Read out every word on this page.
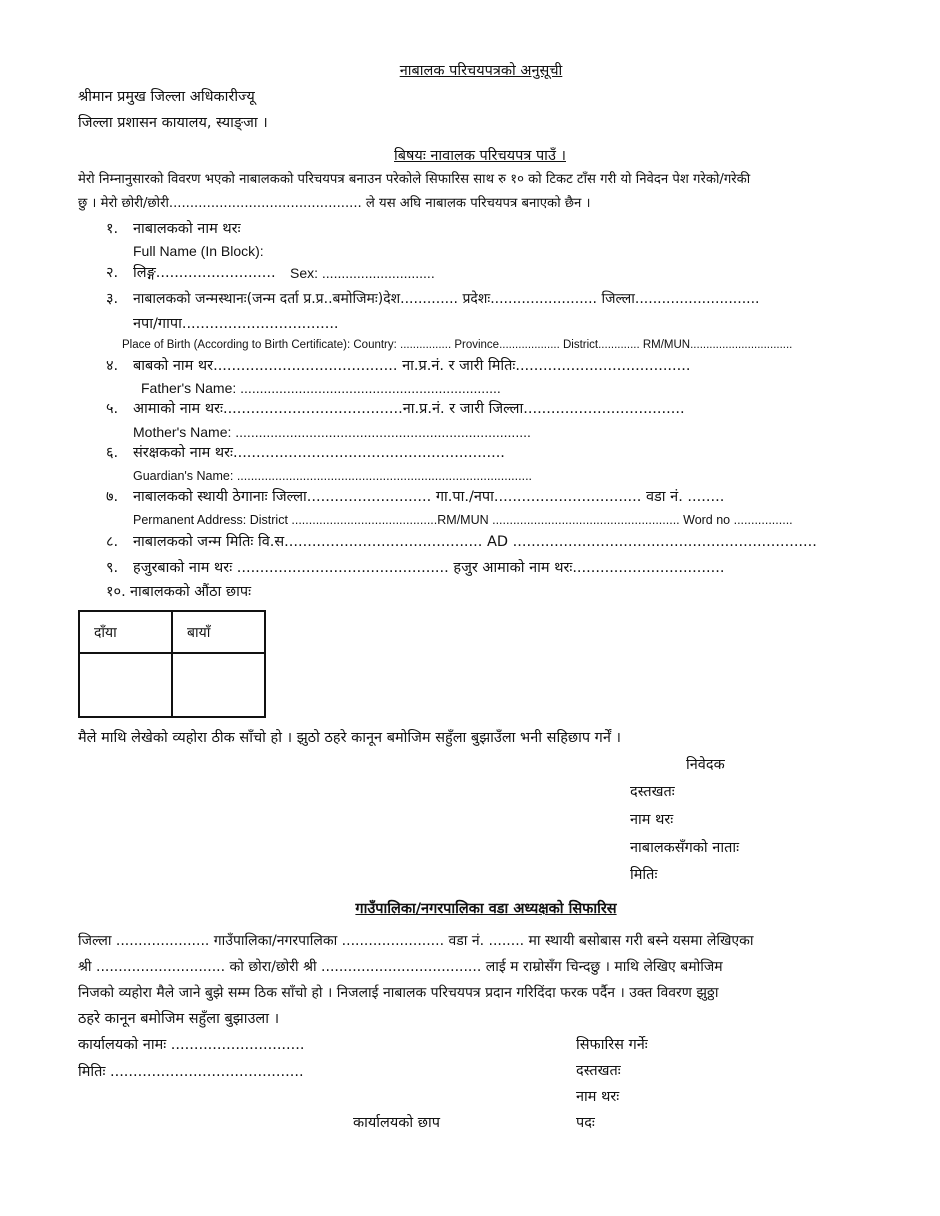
नाबालक परिचयपत्रको अनुसूची
श्रीमान प्रमुख जिल्ला अधिकारीज्यू
जिल्ला प्रशासन कायालय, स्याङ्जा ।
बिषयः नावालक परिचयपत्र पाउँ ।
मेरो निम्नानुसारको विवरण भएको नाबालकको परिचयपत्र बनाउन परेकोले सिफारिस साथ रु १० को टिकट टाँस गरी यो निवेदन पेश गरेको/गरेकी
छु । मेरो छोरी/छोरी.............................................. ले यस अघि नाबालक परिचयपत्र बनाएको छैन ।
१. नाबालकको नाम थरः
Full Name (In Block):
२. लिङ्ग.......................... Sex: .............................
३. नाबालकको जन्मस्थानः(जन्म दर्ता प्र.प्र..बमोजिमः)देश............. प्रदेशः........................ जिल्ला............................
नपा/गापा..................................
Place of Birth (According to Birth Certificate): Country: ................ Province................... District............. RM/MUN................................
४. बाबको नाम थर........................................ ना.प्र.नं. र जारी मितिः......................................
Father's Name: ...................................................................
५. आमाको नाम थरः.......................................ना.प्र.नं. र जारी जिल्ला...................................
Mother's Name: ............................................................................
६. संरक्षकको नाम थरः...........................................................
Guardian's Name: .....................................................................................
७. नाबालकको स्थायी ठेगानाः जिल्ला........................... गा.पा./नपा................................ वडा नं. ........
Permanent Address: District ..........................................RM/MUN ...................................................... Word no .................
८. नाबालकको जन्म मितिः वि.स........................................... AD ..................................................................
९. हजुरबाको नाम थरः .............................................. हजुर आमाको नाम थरः.................................
१०. नाबालकको औंठा छापः
दाँया	बायाँ

मैले माथि लेखेको व्यहोरा ठीक साँचो हो । झुठो ठहरे कानून बमोजिम सहुँला बुझाउँला भनी सहिछाप गर्नें ।
निवेदक
दस्तखतः
नाम थरः
नाबालकसँगको नाताः
मितिः
गाउँपालिका/नगरपालिका वडा अध्यक्षको सिफारिस
जिल्ला ..................... गाउँपालिका/नगरपालिका ....................... वडा नं. ........ मा स्थायी बसोबास गरी बस्ने यसमा लेखिएका
श्री ............................. को छोरा/छोरी श्री .................................... लाई म राम्रोसँग चिन्दछु । माथि लेखिए बमोजिम
निजको व्यहोरा मैले जाने बुझे सम्म ठिक साँचो हो । निजलाई नाबालक परिचयपत्र प्रदान गरिदिंदा फरक पर्दैन । उक्त विवरण झुठ्ठा
ठहरे कानून बमोजिम सहुँला बुझाउला ।
कार्यालयको नामः .............................
मितिः ..........................................
कार्यालयको छाप
सिफारिस गर्नेः
दस्तखतः
नाम थरः
पदः
